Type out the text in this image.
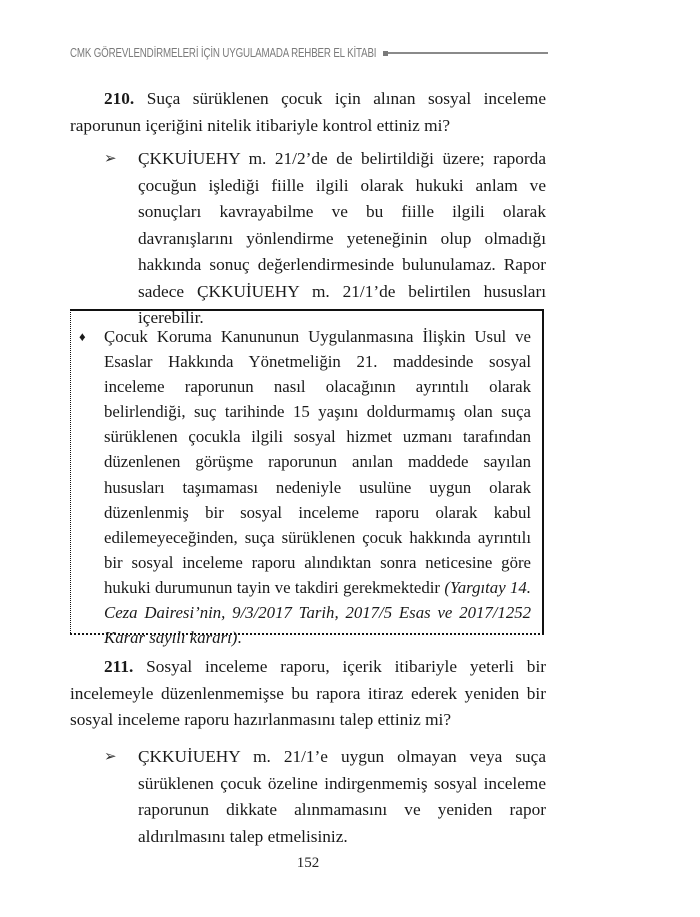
CMK GÖREVLENDİRMELERİ İÇİN UYGULAMADA REHBER EL KİTABI

210. Suça sürüklenen çocuk için alınan sosyal inceleme raporunun içeriğini nitelik itibariyle kontrol ettiniz mi?

➢ ÇKKUİUEHY m. 21/2’de de belirtildiği üzere; raporda çocuğun işlediği fiille ilgili olarak hukuki anlam ve sonuçları kavrayabilme ve bu fiille ilgili olarak davranışlarını yönlendirme yeteneğinin olup olmadığı hakkında sonuç değerlendirmesinde bulunulamaz. Rapor sadece ÇKKUİUEHY m. 21/1’de belirtilen hususları içerebilir.
♦ Çocuk Koruma Kanununun Uygulanmasına İlişkin Usul ve Esaslar Hakkında Yönetmeliğin 21. maddesinde sosyal inceleme raporunun nasıl olacağının ayrıntılı olarak belirlendiği, suç tarihinde 15 yaşını doldurmamış olan suça sürüklenen çocukla ilgili sosyal hizmet uzmanı tarafından düzenlenen görüşme raporunun anılan maddede sayılan hususları taşımaması nedeniyle usulüne uygun olarak düzenlenmiş bir sosyal inceleme raporu olarak kabul edilemeyeceğinden, suça sürüklenen çocuk hakkında ayrıntılı bir sosyal inceleme raporu alındıktan sonra neticesine göre hukuki durumunun tayin ve takdiri gerekmektedir (Yargıtay 14. Ceza Dairesi’nin, 9/3/2017 Tarih, 2017/5 Esas ve 2017/1252 Karar sayılı kararı).

211. Sosyal inceleme raporu, içerik itibariyle yeterli bir incelemeyle düzenlenmemişse bu rapora itiraz ederek yeniden bir sosyal inceleme raporu hazırlanmasını talep ettiniz mi?

➢ ÇKKUİUEHY m. 21/1’e uygun olmayan veya suça sürüklenen çocuk özeline indirgenmemiş sosyal inceleme raporunun dikkate alınmamasını ve yeniden rapor aldırılmasını talep etmelisiniz.
152
